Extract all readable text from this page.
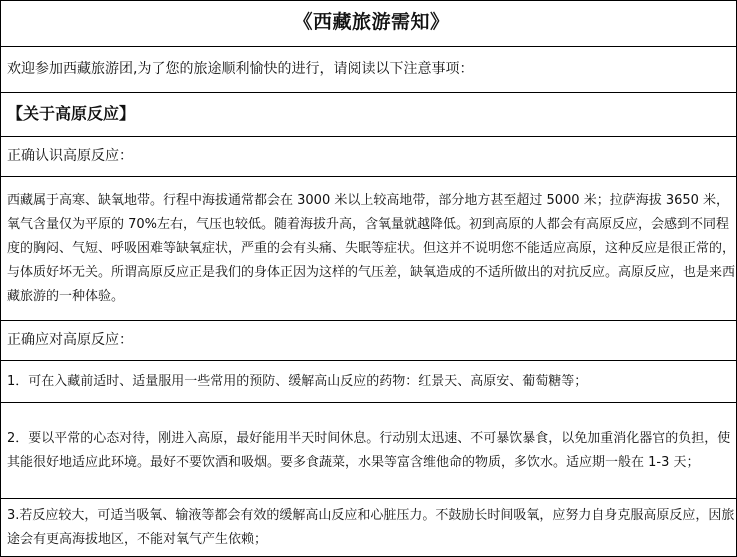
《西藏旅游需知》
欢迎参加西藏旅游团,为了您的旅途顺利愉快的进行，请阅读以下注意事项：
【关于高原反应】
正确认识高原反应：

西藏属于高寒、缺氧地带。行程中海拔通常都会在 3000 米以上较高地带，部分地方甚至超过 5000 米；拉萨海拔 3650 米，氧气含量仅为平原的 70%左右，气压也较低。随着海拔升高，含氧量就越降低。初到高原的人都会有高原反应，会感到不同程度的胸闷、气短、呼吸困难等缺氧症状，严重的会有头痛、失眠等症状。但这并不说明您不能适应高原，这种反应是很正常的，与体质好坏无关。所谓高原反应正是我们的身体正因为这样的气压差，缺氧造成的不适所做出的对抗反应。高原反应，也是来西藏旅游的一种体验。

正确应对高原反应：

1．可在入藏前适时、适量服用一些常用的预防、缓解高山反应的药物：红景天、高原安、葡萄糖等；

2．要以平常的心态对待，刚进入高原，最好能用半天时间休息。行动别太迅速、不可暴饮暴食，以免加重消化器官的负担，使其能很好地适应此环境。最好不要饮酒和吸烟。要多食蔬菜，水果等富含维他命的物质，多饮水。适应期一般在 1-3 天；

3.若反应较大，可适当吸氧、输液等都会有效的缓解高山反应和心脏压力。不鼓励长时间吸氧，应努力自身克服高原反应，因旅途会有更高海拔地区，不能对氧气产生依赖；
